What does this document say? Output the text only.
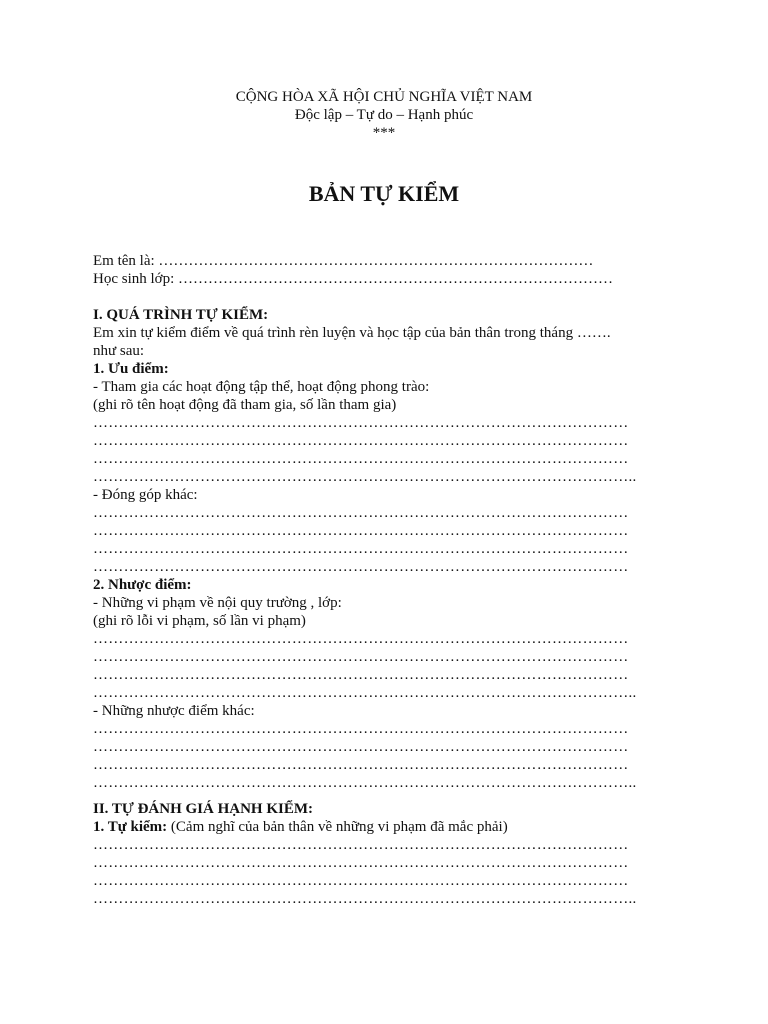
CỘNG HÒA XÃ HỘI CHỦ NGHĨA VIỆT NAM
Độc lập – Tự do – Hạnh phúc
***
BẢN TỰ KIỂM
Em tên là: ……………………………………………………………………………
Học sinh lớp: ……………………………………………………………………………
I. QUÁ TRÌNH TỰ KIỂM:
Em xin tự kiểm điểm về quá trình rèn luyện và học tập của bản thân trong tháng …….
như sau:
1. Ưu điểm:
- Tham gia các hoạt động tập thể, hoạt động phong trào:
(ghi rõ tên hoạt động đã tham gia, số lần tham gia)
……………………………………………………………………………………………
……………………………………………………………………………………………
……………………………………………………………………………………………
……………………………………………………………………………………………..
- Đóng góp khác:
……………………………………………………………………………………………
……………………………………………………………………………………………
……………………………………………………………………………………………
……………………………………………………………………………………………
2. Nhược điểm:
- Những vi phạm về nội quy trường , lớp:
(ghi rõ lỗi vi phạm, số lần vi phạm)
……………………………………………………………………………………………
……………………………………………………………………………………………
……………………………………………………………………………………………
……………………………………………………………………………………………..
- Những nhược điểm khác:
……………………………………………………………………………………………
……………………………………………………………………………………………
……………………………………………………………………………………………
……………………………………………………………………………………………..
II. TỰ ĐÁNH GIÁ HẠNH KIỂM:
1. Tự kiểm: (Cảm nghĩ của bản thân về những vi phạm đã mắc phải)
……………………………………………………………………………………………
……………………………………………………………………………………………
……………………………………………………………………………………………
……………………………………………………………………………………………..
